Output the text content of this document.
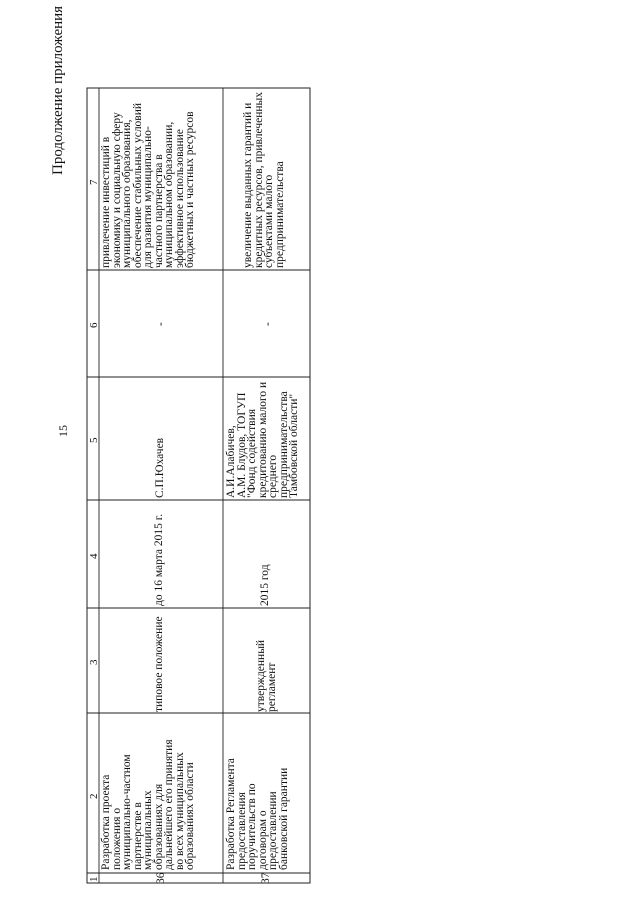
Продолжение приложения
15
1
2
3
4
5
6
7
36
Разработка проекта
положения о
муниципально-частном
партнерстве в
муниципальных
образованиях для
дальнейшего его принятия
во всех муниципальных
образованиях области
типовое положение
до 16 марта 2015 г.
С.П.Юхачев
-
привлечение инвестиций в
экономику и социальную сферу
муниципального образования,
обеспечение стабильных условий
для развития муниципально-
частного партнерства в
муниципальном образовании,
эффективное использование
бюджетных и частных ресурсов
37
Разработка Регламента
предоставления
поручительств по
договорам о
предоставлении
банковской гарантии
утвержденный
регламент
2015 год
А.И.Алабичев,
А.М. Блудов, ТОГУП
"Фонд содействия
кредитованию малого и
среднего
предпринимательства
Тамбовской области"
-
увеличение выданных гарантий и
кредитных ресурсов, привлеченных
субъектами малого
предпринимательства
